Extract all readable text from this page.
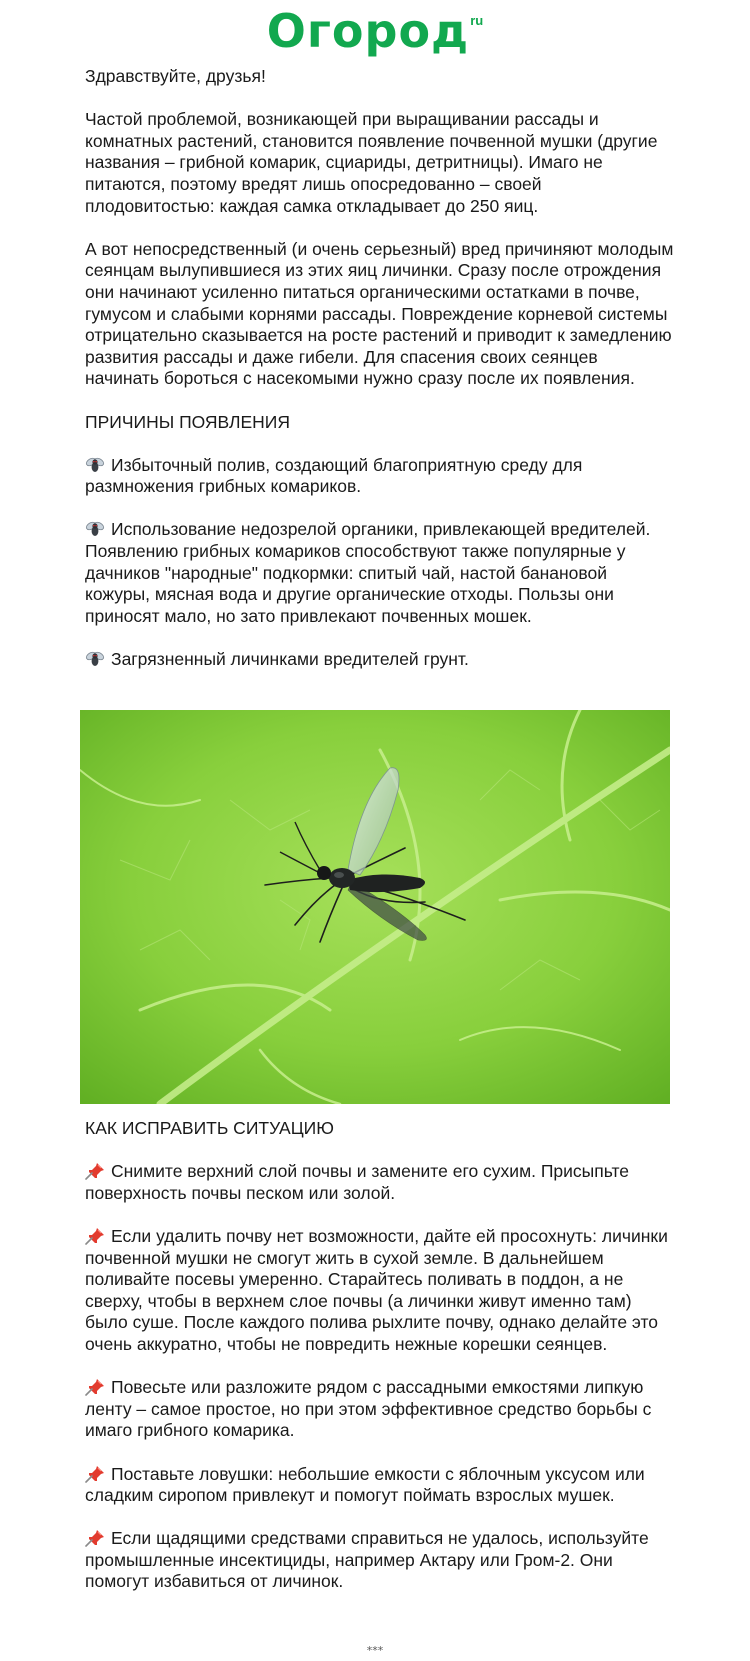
Огород ru

Здравствуйте, друзья!

Частой проблемой, возникающей при выращивании рассады и комнатных растений, становится появление почвенной мушки (другие названия – грибной комарик, сциариды, детритницы). Имаго не питаются, поэтому вредят лишь опосредованно – своей плодовитостью: каждая самка откладывает до 250 яиц.

А вот непосредственный (и очень серьезный) вред причиняют молодым сеянцам вылупившиеся из этих яиц личинки. Сразу после отрождения они начинают усиленно питаться органическими остатками в почве, гумусом и слабыми корнями рассады. Повреждение корневой системы отрицательно сказывается на росте растений и приводит к замедлению развития рассады и даже гибели. Для спасения своих сеянцев начинать бороться с насекомыми нужно сразу после их появления.

ПРИЧИНЫ ПОЯВЛЕНИЯ

Избыточный полив, создающий благоприятную среду для размножения грибных комариков.

Использование недозрелой органики, привлекающей вредителей. Появлению грибных комариков способствуют также популярные у дачников "народные" подкормки: спитый чай, настой банановой кожуры, мясная вода и другие органические отходы. Пользы они приносят мало, но зато привлекают почвенных мошек.

Загрязненный личинками вредителей грунт.

КАК ИСПРАВИТЬ СИТУАЦИЮ

Снимите верхний слой почвы и замените его сухим. Присыпьте поверхность почвы песком или золой.

Если удалить почву нет возможности, дайте ей просохнуть: личинки почвенной мушки не смогут жить в сухой земле. В дальнейшем поливайте посевы умеренно. Старайтесь поливать в поддон, а не сверху, чтобы в верхнем слое почвы (а личинки живут именно там) было суше. После каждого полива рыхлите почву, однако делайте это очень аккуратно, чтобы не повредить нежные корешки сеянцев.

Повесьте или разложите рядом с рассадными емкостями липкую ленту – самое простое, но при этом эффективное средство борьбы с имаго грибного комарика.

Поставьте ловушки: небольшие емкости с яблочным уксусом или сладким сиропом привлекут и помогут поймать взрослых мушек.

Если щадящими средствами справиться не удалось, используйте промышленные инсектициды, например Актару или Гром-2. Они помогут избавиться от личинок.

***
